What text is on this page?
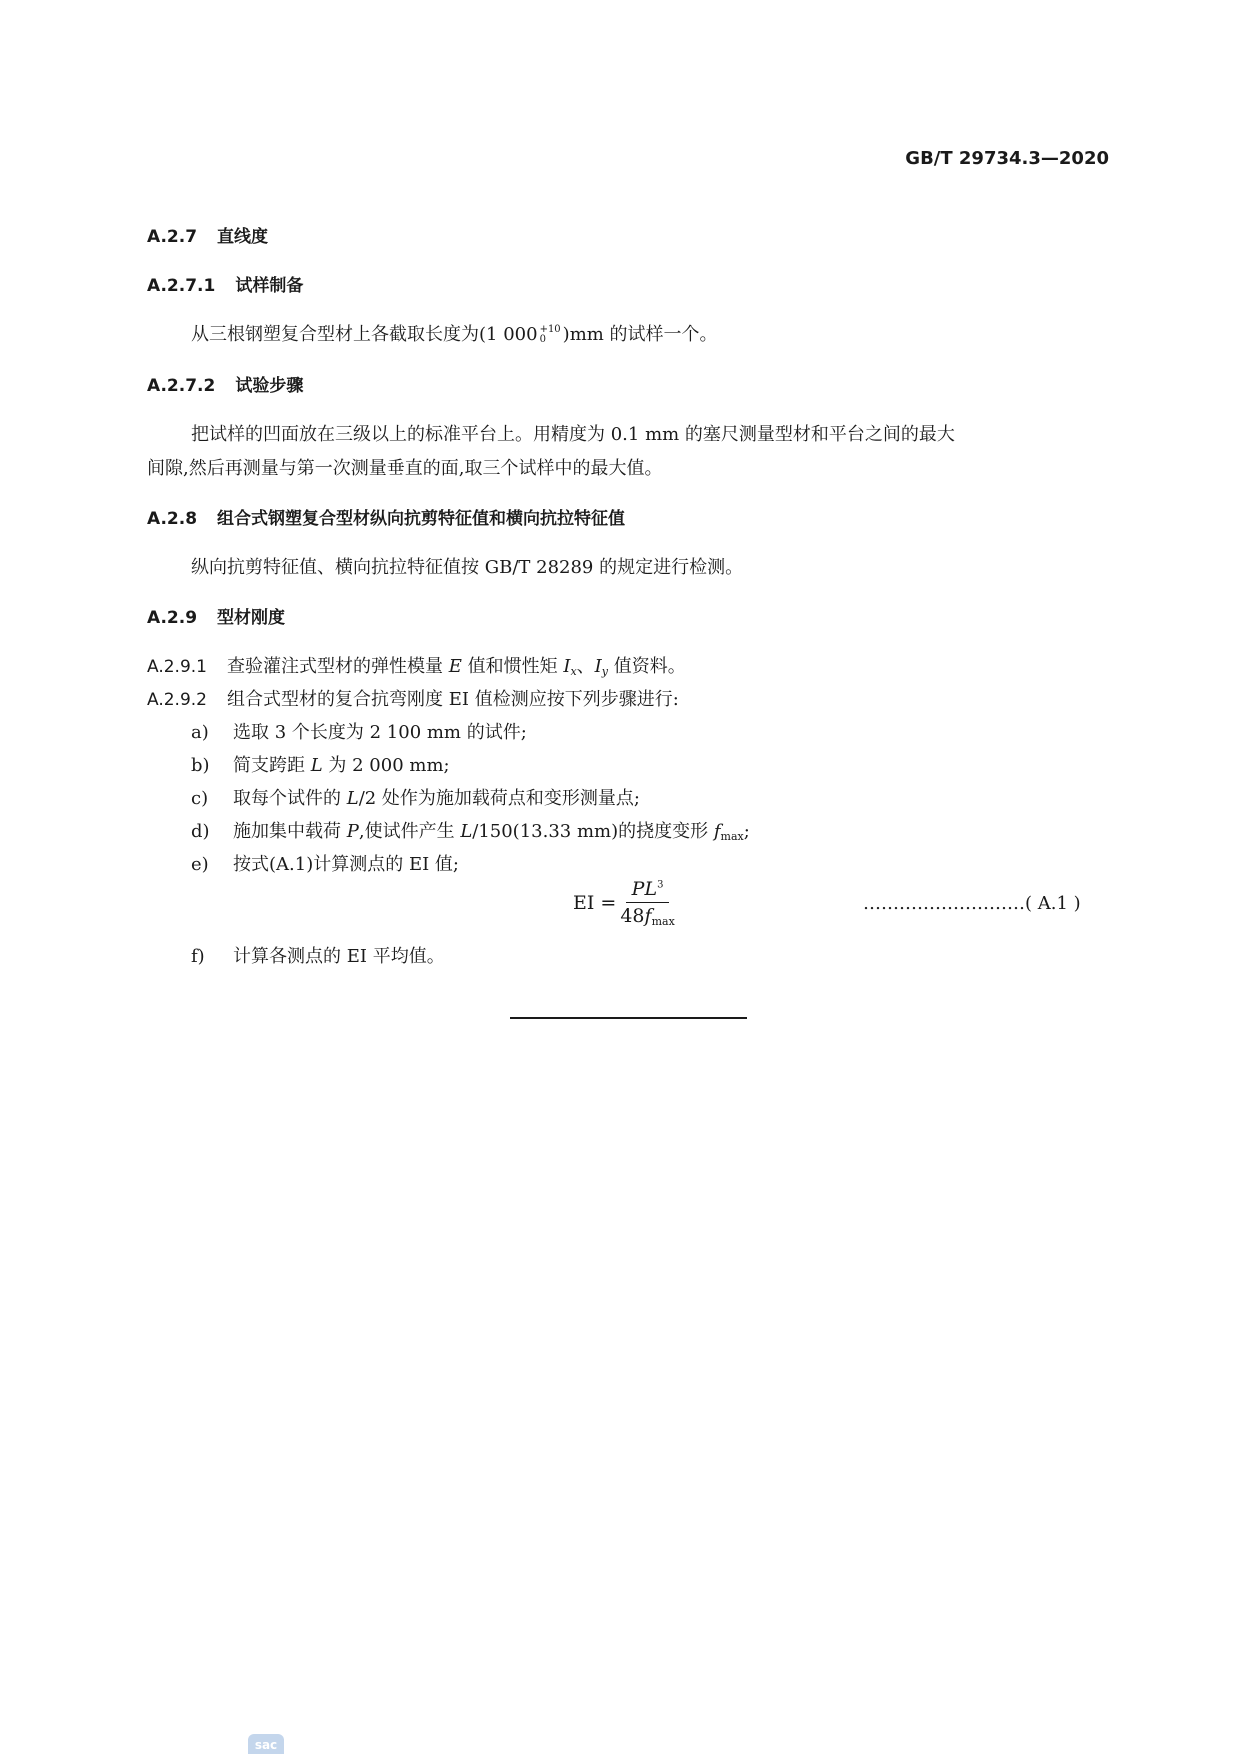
GB/T 29734.3—2020
A.2.7 直线度
A.2.7.1 试样制备
从三根钢塑复合型材上各截取长度为(1 000 +10
0 )mm 的试样一个。
A.2.7.2 试验步骤
把试样的凹面放在三级以上的标准平台上。用精度为 0.1 mm 的塞尺测量型材和平台之间的最大
间隙,然后再测量与第一次测量垂直的面,取三个试样中的最大值。
A.2.8 组合式钢塑复合型材纵向抗剪特征值和横向抗拉特征值
纵向抗剪特征值、横向抗拉特征值按 GB/T 28289 的规定进行检测。
A.2.9 型材刚度
A.2.9.1 查验灌注式型材的弹性模量 E 值和惯性矩 $I_x$、$I_y$ 值资料。
A.2.9.2 组合式型材的复合抗弯刚度 EI 值检测应按下列步骤进行:
a) 选取 3 个长度为 2 100 mm 的试件;
b) 简支跨距 L 为 2 000 mm;
c) 取每个试件的 L/2 处作为施加载荷点和变形测量点;
d) 施加集中载荷 P,使试件产生 L/150(13.33 mm)的挠度变形 $f_{max}$;
e) 按式(A.1)计算测点的 EI 值;
EI = $\frac{PL^3}{48f_{max}}$	………………………( A.1 )
f) 计算各测点的 EI 平均值。
sac
